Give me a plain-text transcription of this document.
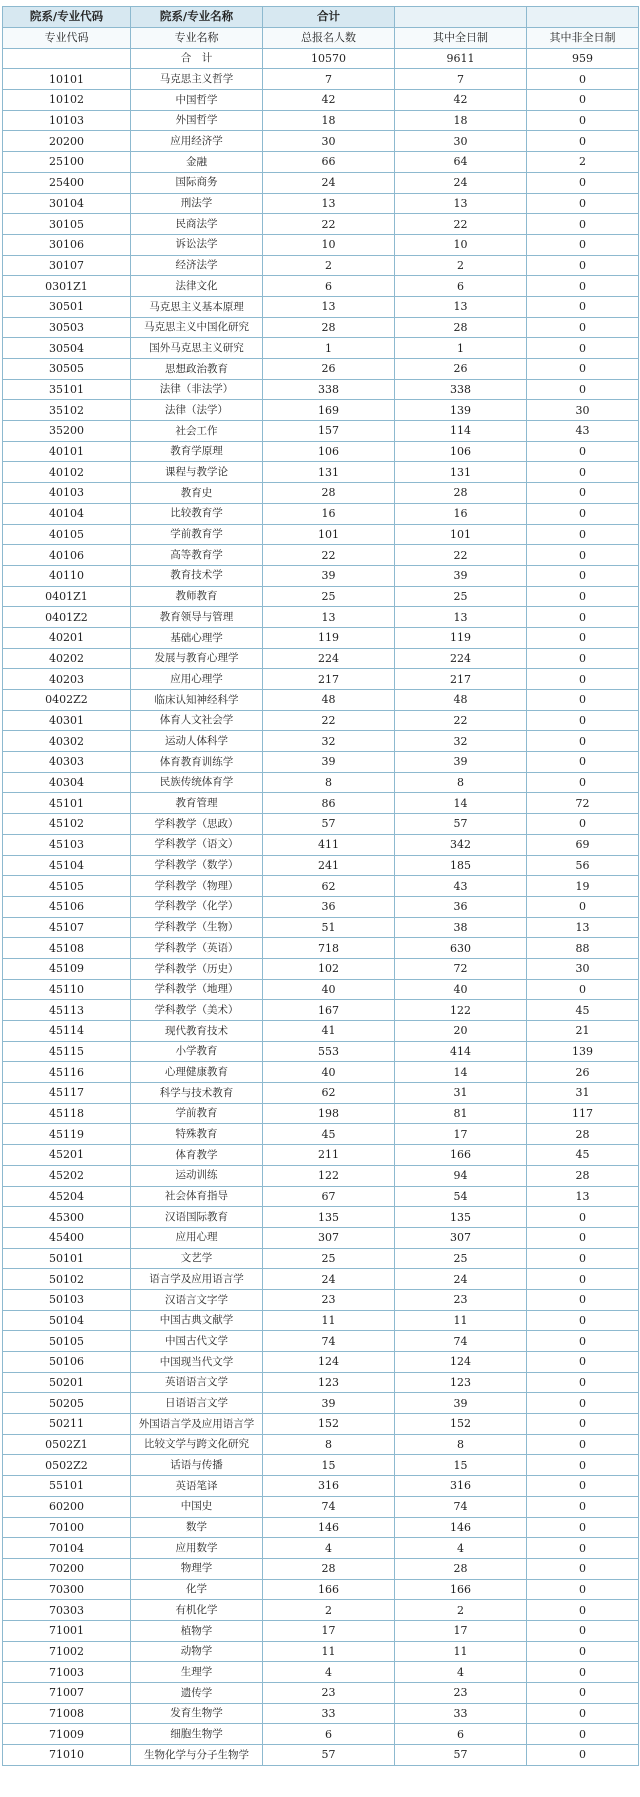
院系/专业代码	院系/专业名称	合计		
专业代码	专业名称	总报名人数	其中全日制	其中非全日制
	合　计	10570	9611	959
10101	马克思主义哲学	7	7	0
10102	中国哲学	42	42	0
10103	外国哲学	18	18	0
20200	应用经济学	30	30	0
25100	金融	66	64	2
25400	国际商务	24	24	0
30104	刑法学	13	13	0
30105	民商法学	22	22	0
30106	诉讼法学	10	10	0
30107	经济法学	2	2	0
0301Z1	法律文化	6	6	0
30501	马克思主义基本原理	13	13	0
30503	马克思主义中国化研究	28	28	0
30504	国外马克思主义研究	1	1	0
30505	思想政治教育	26	26	0
35101	法律（非法学）	338	338	0
35102	法律（法学）	169	139	30
35200	社会工作	157	114	43
40101	教育学原理	106	106	0
40102	课程与教学论	131	131	0
40103	教育史	28	28	0
40104	比较教育学	16	16	0
40105	学前教育学	101	101	0
40106	高等教育学	22	22	0
40110	教育技术学	39	39	0
0401Z1	教师教育	25	25	0
0401Z2	教育领导与管理	13	13	0
40201	基础心理学	119	119	0
40202	发展与教育心理学	224	224	0
40203	应用心理学	217	217	0
0402Z2	临床认知神经科学	48	48	0
40301	体育人文社会学	22	22	0
40302	运动人体科学	32	32	0
40303	体育教育训练学	39	39	0
40304	民族传统体育学	8	8	0
45101	教育管理	86	14	72
45102	学科教学（思政）	57	57	0
45103	学科教学（语文）	411	342	69
45104	学科教学（数学）	241	185	56
45105	学科教学（物理）	62	43	19
45106	学科教学（化学）	36	36	0
45107	学科教学（生物）	51	38	13
45108	学科教学（英语）	718	630	88
45109	学科教学（历史）	102	72	30
45110	学科教学（地理）	40	40	0
45113	学科教学（美术）	167	122	45
45114	现代教育技术	41	20	21
45115	小学教育	553	414	139
45116	心理健康教育	40	14	26
45117	科学与技术教育	62	31	31
45118	学前教育	198	81	117
45119	特殊教育	45	17	28
45201	体育教学	211	166	45
45202	运动训练	122	94	28
45204	社会体育指导	67	54	13
45300	汉语国际教育	135	135	0
45400	应用心理	307	307	0
50101	文艺学	25	25	0
50102	语言学及应用语言学	24	24	0
50103	汉语言文字学	23	23	0
50104	中国古典文献学	11	11	0
50105	中国古代文学	74	74	0
50106	中国现当代文学	124	124	0
50201	英语语言文学	123	123	0
50205	日语语言文学	39	39	0
50211	外国语言学及应用语言学	152	152	0
0502Z1	比较文学与跨文化研究	8	8	0
0502Z2	话语与传播	15	15	0
55101	英语笔译	316	316	0
60200	中国史	74	74	0
70100	数学	146	146	0
70104	应用数学	4	4	0
70200	物理学	28	28	0
70300	化学	166	166	0
70303	有机化学	2	2	0
71001	植物学	17	17	0
71002	动物学	11	11	0
71003	生理学	4	4	0
71007	遗传学	23	23	0
71008	发育生物学	33	33	0
71009	细胞生物学	6	6	0
71010	生物化学与分子生物学	57	57	0
